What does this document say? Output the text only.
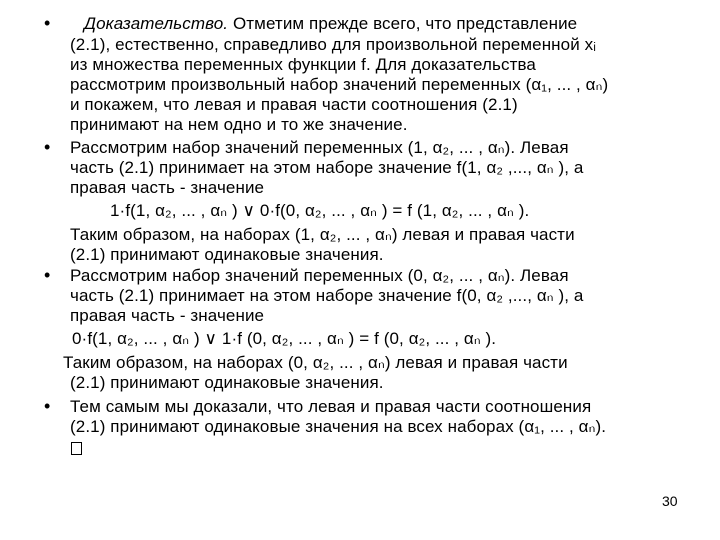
•
•
•
•
Доказательство. Отметим прежде всего, что представление
(2.1), естественно, справедливо для произвольной переменной xᵢ
из множества переменных функции f. Для доказательства
рассмотрим произвольный набор значений переменных (α₁, ... , αₙ)
и покажем, что левая и правая части соотношения (2.1)
принимают на нем одно и то же значение.
Рассмотрим набор значений переменных (1, α₂, ... , αₙ). Левая
часть (2.1) принимает на этом наборе значение f(1, α₂ ,..., αₙ ), а
правая часть - значение
1·f(1, α₂, ... , αₙ ) ∨ 0·f(0, α₂, ... , αₙ ) = f (1, α₂, ... , αₙ ).
Таким образом, на наборах (1, α₂, ... , αₙ) левая и правая части
(2.1) принимают одинаковые значения.
Рассмотрим набор значений переменных (0, α₂, ... , αₙ). Левая
часть (2.1) принимает на этом наборе значение f(0, α₂ ,..., αₙ ), а
правая часть - значение
0·f(1, α₂, ... , αₙ ) ∨ 1·f (0, α₂, ... , αₙ ) = f (0, α₂, ... , αₙ ).
Таким образом, на наборах (0, α₂, ... , αₙ) левая и правая части
(2.1) принимают одинаковые значения.
Тем самым мы доказали, что левая и правая части соотношения
(2.1) принимают одинаковые значения на всех наборах (α₁, ... , αₙ).
30
